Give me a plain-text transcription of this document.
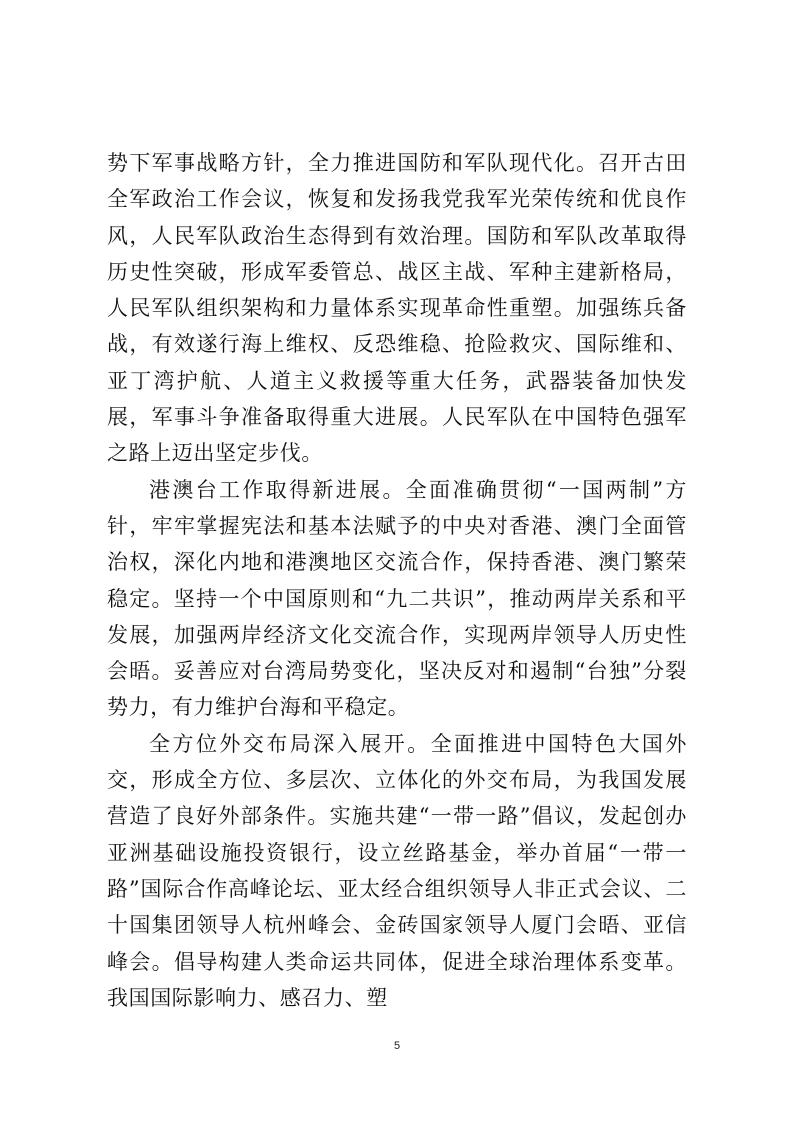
势下军事战略方针，全力推进国防和军队现代化。召开古田全军政治工作会议，恢复和发扬我党我军光荣传统和优良作风，人民军队政治生态得到有效治理。国防和军队改革取得历史性突破，形成军委管总、战区主战、军种主建新格局，人民军队组织架构和力量体系实现革命性重塑。加强练兵备战，有效遂行海上维权、反恐维稳、抢险救灾、国际维和、亚丁湾护航、人道主义救援等重大任务，武器装备加快发展，军事斗争准备取得重大进展。人民军队在中国特色强军之路上迈出坚定步伐。

港澳台工作取得新进展。全面准确贯彻“一国两制”方针，牢牢掌握宪法和基本法赋予的中央对香港、澳门全面管治权，深化内地和港澳地区交流合作，保持香港、澳门繁荣稳定。坚持一个中国原则和“九二共识”，推动两岸关系和平发展，加强两岸经济文化交流合作，实现两岸领导人历史性会晤。妥善应对台湾局势变化，坚决反对和遏制“台独”分裂势力，有力维护台海和平稳定。

全方位外交布局深入展开。全面推进中国特色大国外交，形成全方位、多层次、立体化的外交布局，为我国发展营造了良好外部条件。实施共建“一带一路”倡议，发起创办亚洲基础设施投资银行，设立丝路基金，举办首届“一带一路”国际合作高峰论坛、亚太经合组织领导人非正式会议、二十国集团领导人杭州峰会、金砖国家领导人厦门会晤、亚信峰会。倡导构建人类命运共同体，促进全球治理体系变革。我国国际影响力、感召力、塑

5
